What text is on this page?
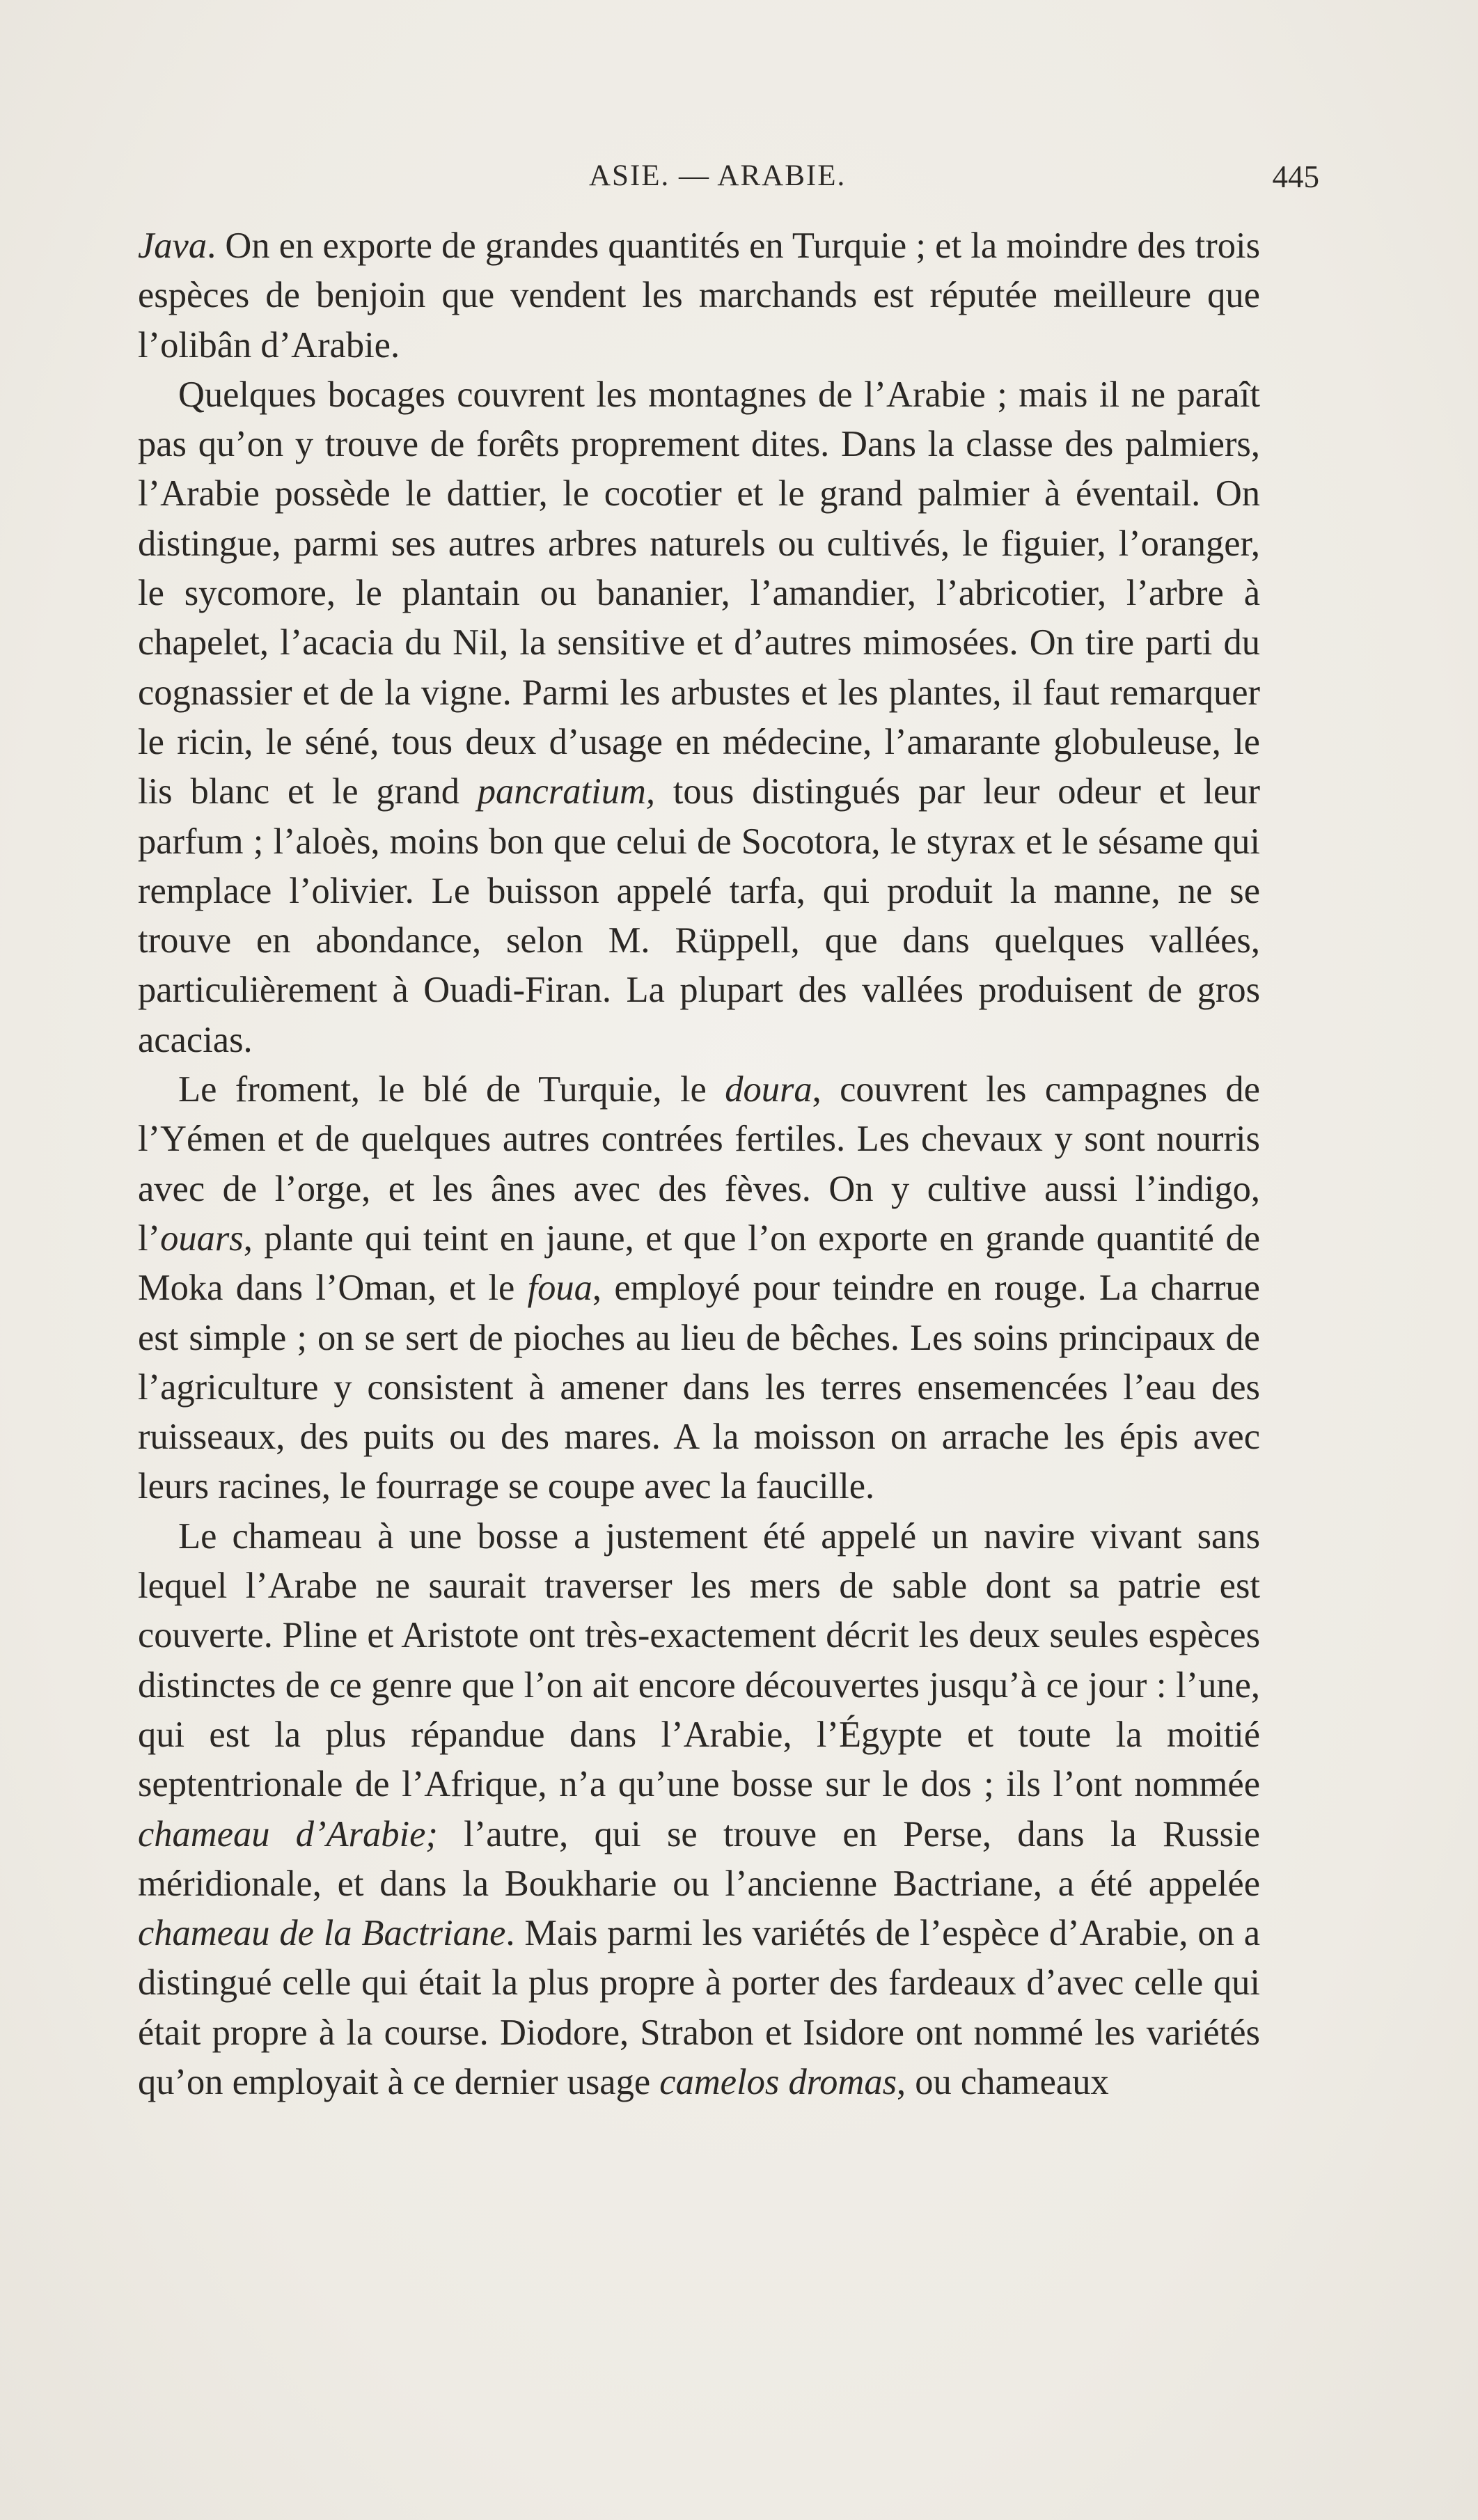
ASIE. — ARABIE.	445

Java. On en exporte de grandes quantités en Turquie ; et la moindre des trois espèces de benjoin que vendent les marchands est réputée meilleure que l’olibân d’Arabie.

Quelques bocages couvrent les montagnes de l’Arabie ; mais il ne paraît pas qu’on y trouve de forêts proprement dites. Dans la classe des palmiers, l’Arabie possède le dattier, le cocotier et le grand palmier à éventail. On distingue, parmi ses autres arbres naturels ou cultivés, le figuier, l’oranger, le sycomore, le plantain ou bananier, l’amandier, l’abricotier, l’arbre à chapelet, l’acacia du Nil, la sensitive et d’autres mimosées. On tire parti du cognassier et de la vigne. Parmi les arbustes et les plantes, il faut remarquer le ricin, le séné, tous deux d’usage en médecine, l’amarante globuleuse, le lis blanc et le grand pancratium, tous distingués par leur odeur et leur parfum ; l’aloès, moins bon que celui de Socotora, le styrax et le sésame qui remplace l’olivier. Le buisson appelé tarfa, qui produit la manne, ne se trouve en abondance, selon M. Rüppell, que dans quelques vallées, particulièrement à Ouadi-Firan. La plupart des vallées produisent de gros acacias.

Le froment, le blé de Turquie, le doura, couvrent les campagnes de l’Yémen et de quelques autres contrées fertiles. Les chevaux y sont nourris avec de l’orge, et les ânes avec des fèves. On y cultive aussi l’indigo, l’ouars, plante qui teint en jaune, et que l’on exporte en grande quantité de Moka dans l’Oman, et le foua, employé pour teindre en rouge. La charrue est simple ; on se sert de pioches au lieu de bêches. Les soins principaux de l’agriculture y consistent à amener dans les terres ensemencées l’eau des ruisseaux, des puits ou des mares. A la moisson on arrache les épis avec leurs racines, le fourrage se coupe avec la faucille.

Le chameau à une bosse a justement été appelé un navire vivant sans lequel l’Arabe ne saurait traverser les mers de sable dont sa patrie est couverte. Pline et Aristote ont très-exactement décrit les deux seules espèces distinctes de ce genre que l’on ait encore découvertes jusqu’à ce jour : l’une, qui est la plus répandue dans l’Arabie, l’Égypte et toute la moitié septentrionale de l’Afrique, n’a qu’une bosse sur le dos ; ils l’ont nommée chameau d’Arabie; l’autre, qui se trouve en Perse, dans la Russie méridionale, et dans la Boukharie ou l’ancienne Bactriane, a été appelée chameau de la Bactriane. Mais parmi les variétés de l’espèce d’Arabie, on a distingué celle qui était la plus propre à porter des fardeaux d’avec celle qui était propre à la course. Diodore, Strabon et Isidore ont nommé les variétés qu’on employait à ce dernier usage camelos dromas, ou chameaux
